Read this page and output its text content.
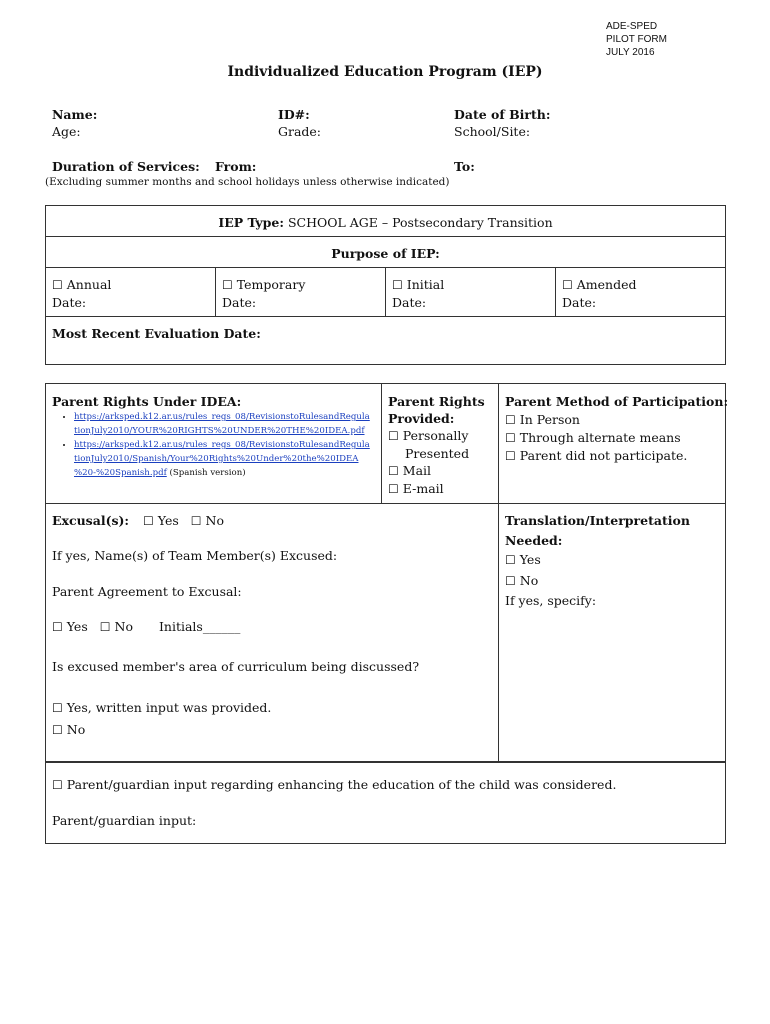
ADE-SPED
PILOT FORM
JULY 2016
Individualized Education Program (IEP)
Name:
Age:
ID#:
Grade:
Date of Birth:
School/Site:
Duration of Services: From:	To:
(Excluding summer months and school holidays unless otherwise indicated)
IEP Type: SCHOOL AGE – Postsecondary Transition
Purpose of IEP:
☐ Annual
Date:
☐ Temporary
Date:
☐ Initial
Date:
☐ Amended
Date:
Most Recent Evaluation Date:
Parent Rights Under IDEA:
• https://arksped.k12.ar.us/rules_regs_08/RevisionstoRulesandRegula
tionJuly2010/YOUR%20RIGHTS%20UNDER%20THE%20IDEA.pdf
• https://arksped.k12.ar.us/rules_regs_08/RevisionstoRulesandRegula
tionJuly2010/Spanish/Your%20Rights%20Under%20the%20IDEA
%20-%20Spanish.pdf (Spanish version)
Parent Rights
Provided:
☐ Personally
Presented
☐ Mail
☐ E-mail
Parent Method of Participation:
☐ In Person
☐ Through alternate means
☐ Parent did not participate.
Excusal(s): ☐ Yes ☐ No
If yes, Name(s) of Team Member(s) Excused:
Parent Agreement to Excusal:
☐ Yes ☐ No Initials______
Is excused member's area of curriculum being discussed?
☐ Yes, written input was provided.
☐ No
Translation/Interpretation
Needed:
☐ Yes
☐ No
If yes, specify:
☐ Parent/guardian input regarding enhancing the education of the child was considered.
Parent/guardian input:
